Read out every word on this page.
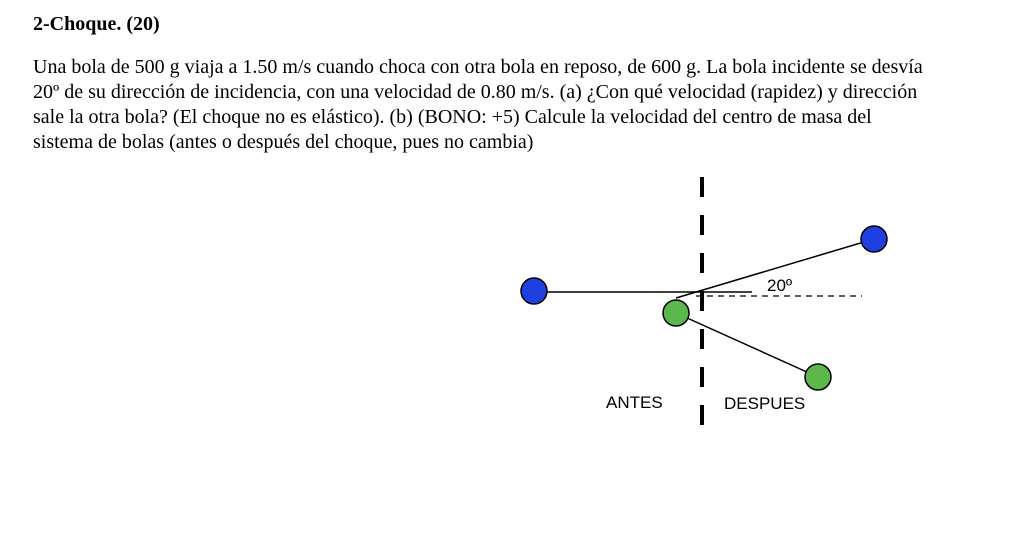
2-Choque. (20)

Una bola de 500 g viaja a 1.50 m/s cuando choca con otra bola en reposo, de 600 g. La bola incidente se desvía

20º de su dirección de incidencia, con una velocidad de 0.80 m/s. (a) ¿Con qué velocidad (rapidez) y dirección

sale la otra bola? (El choque no es elástico). (b) (BONO: +5) Calcule la velocidad del centro de masa del

sistema de bolas (antes o después del choque, pues no cambia)

20º
ANTES	DESPUES
